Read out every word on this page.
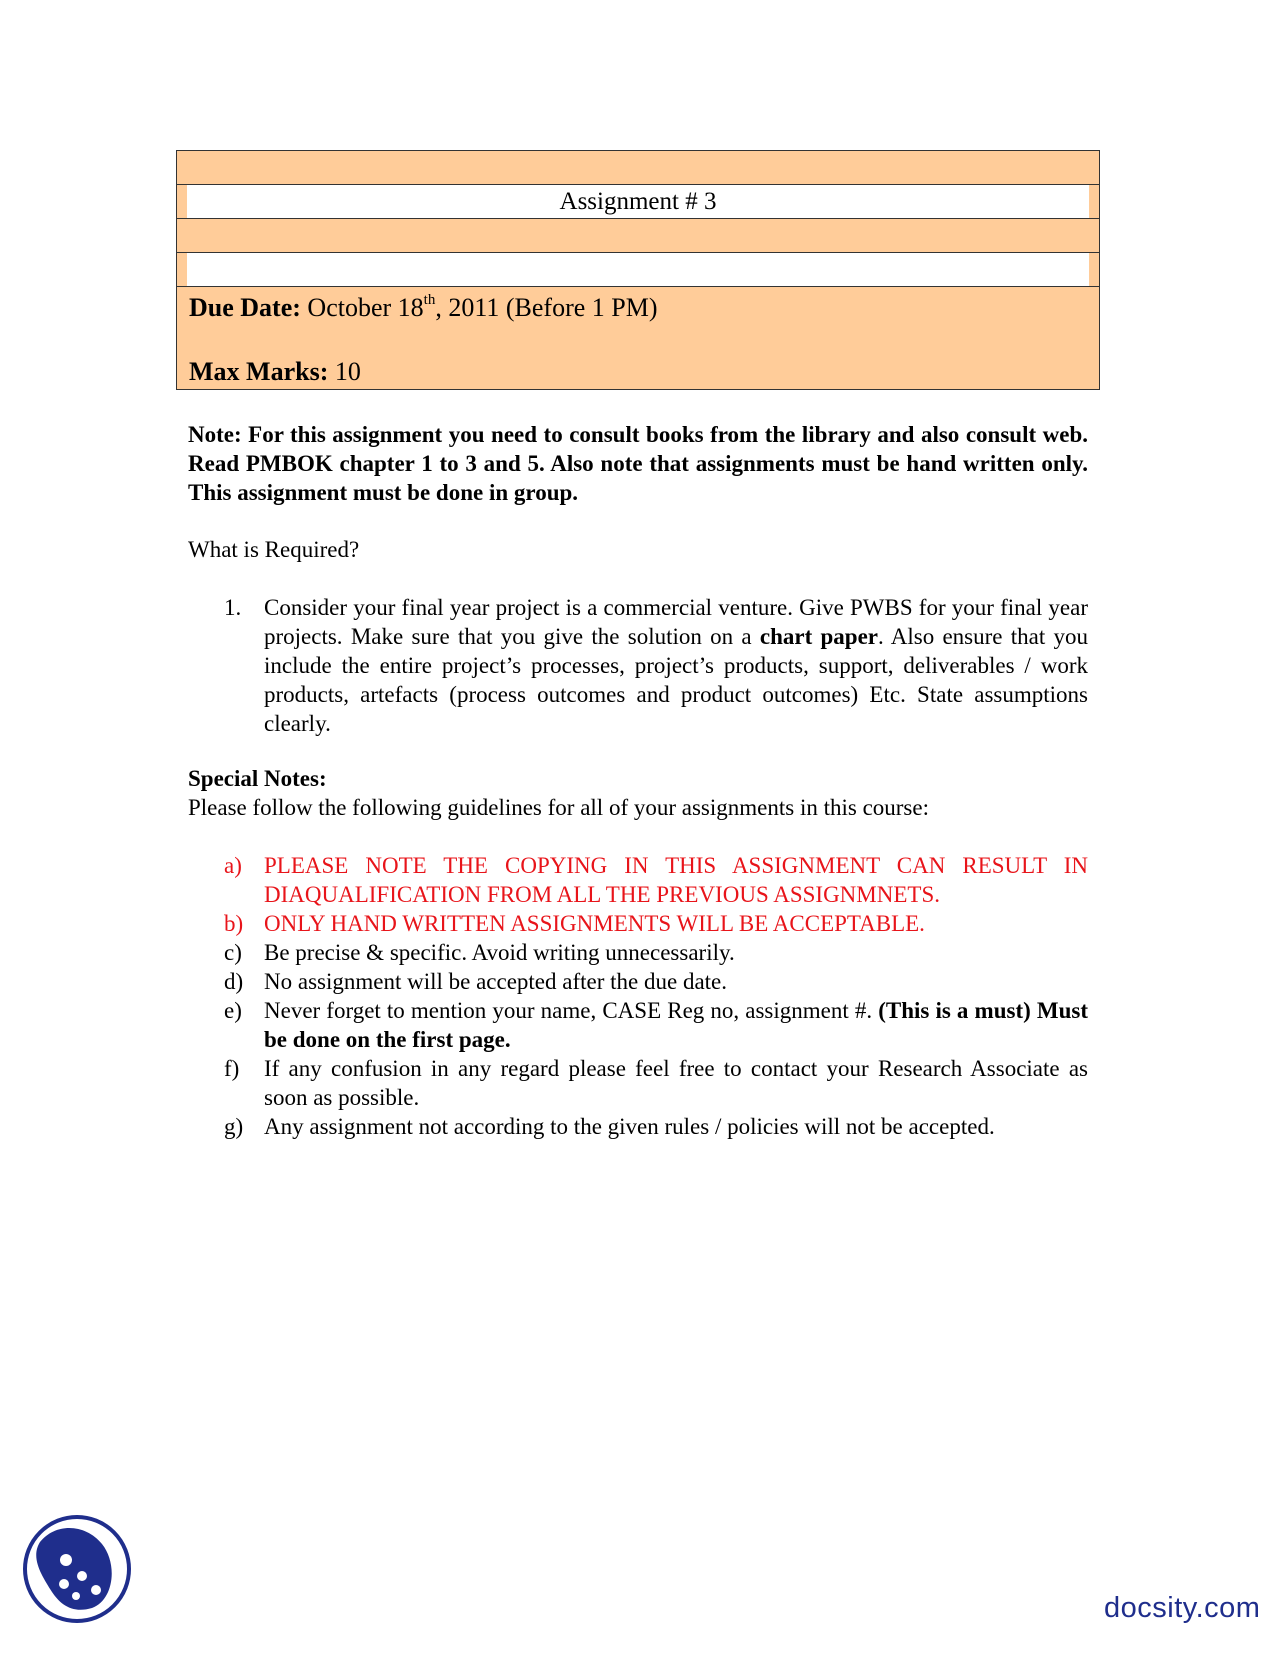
Assignment # 3
Due Date: October 18th, 2011 (Before 1 PM)
Max Marks: 10
Note: For this assignment you need to consult books from the library and also consult web. Read PMBOK chapter 1 to 3 and 5. Also note that assignments must be hand written only. This assignment must be done in group.
What is Required?
1. Consider your final year project is a commercial venture. Give PWBS for your final year projects. Make sure that you give the solution on a chart paper. Also ensure that you include the entire project’s processes, project’s products, support, deliverables / work products, artefacts (process outcomes and product outcomes) Etc. State assumptions clearly.
Special Notes:
Please follow the following guidelines for all of your assignments in this course:
a) PLEASE NOTE THE COPYING IN THIS ASSIGNMENT CAN RESULT IN DIAQUALIFICATION FROM ALL THE PREVIOUS ASSIGNMNETS.
b) ONLY HAND WRITTEN ASSIGNMENTS WILL BE ACCEPTABLE.
c) Be precise & specific. Avoid writing unnecessarily.
d) No assignment will be accepted after the due date.
e) Never forget to mention your name, CASE Reg no, assignment #. (This is a must) Must be done on the first page.
f)	If any confusion in any regard please feel free to contact your Research Associate as soon as possible.
g) Any assignment not according to the given rules / policies will not be accepted.
docsity.com
